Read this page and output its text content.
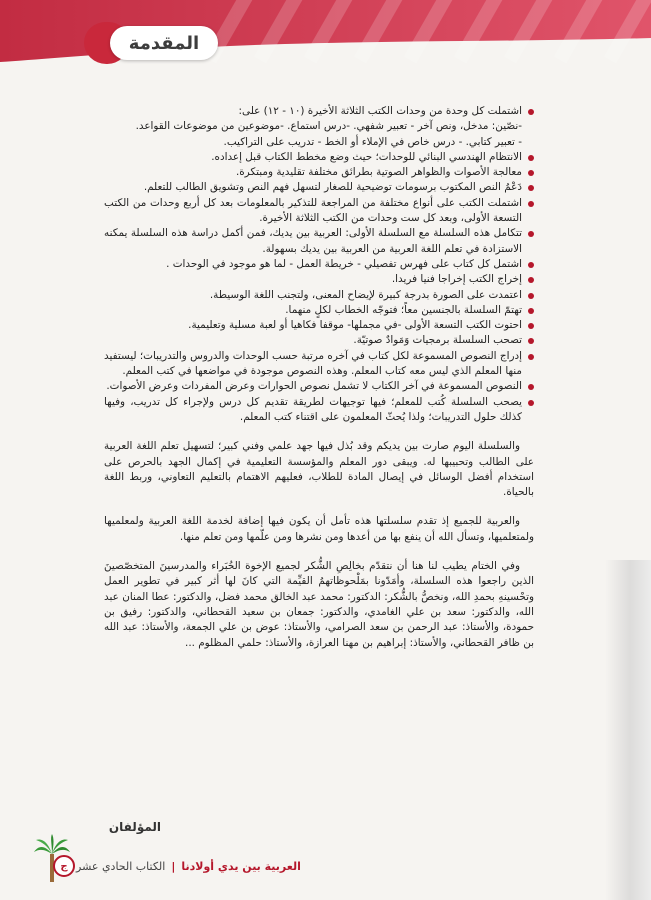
المقدمة
اشتملت كل وحدة من وحدات الكتب الثلاثة الأخيرة (١٠ - ١٢) على:
-نصّين: مدخل، ونص آخر - تعبير شفهي. -درس استماع. -موضوعين من موضوعات القواعد.
- تعبير كتابي. - درس خاص في الإملاء أو الخط - تدريب على التراكيب.
الانتظام الهندسي البنائي للوحدات؛ حيث وضع مخطط الكتاب قبل إعداده.
معالجة الأصوات والظواهر الصوتية بطرائق مختلفة تقليدية ومبتكرة.
دَعْمُ النص المكتوب برسومات توضيحية للصغار لتسهل فهم النص وتشويق الطالب للتعلم.
اشتملت الكتب على أنواع مختلفة من المراجعة للتذكير بالمعلومات بعد كل أربع وحدات من الكتب التسعة الأولى، وبعد كل ست وحدات من الكتب الثلاثة الأخيرة.
تتكامل هذه السلسلة مع السلسلة الأولى: العربية بين يديك، فمن أكمل دراسة هذه السلسلة يمكنه الاستزادة في تعلم اللغة العربية من العربية بين يديك بسهولة.
اشتمل كل كتاب على فهرس تفصيلي - خريطة العمل - لما هو موجود في الوحدات .
إخراج الكتب إخراجا فنيا فريدا.
اعتمدت على الصورة بدرجة كبيرة لإيضاح المعنى، ولتجنب اللغة الوسيطة.
تهتمّ السلسلة بالجنسين معاً؛ فتوجّه الخطاب لكلٍ منهما.
احتوت الكتب التسعة الأولى -في مجملها- موقفا فكاهيا أو لعبة مسلية وتعليمية.
تصحب السلسلة برمجيات وَمَوادٌ صوتيّة.
إدراج النصوص المسموعة لكل كتاب في آخره مرتبة حسب الوحدات والدروس والتدريبات؛ ليستفيد منها المعلم الذي ليس معه كتاب المعلم. وهذه النصوص موجودة في مواضعها في كتب المعلم.
النصوص المسموعة في آخر الكتاب لا تشمل نصوص الحوارات وعرض المفردات وعرض الأصوات.
يصحب السلسلة كُتب للمعلم؛ فيها توجيهات لطريقة تقديم كل درس ولإجراء كل تدريب، وفيها كذلك حلول التدريبات؛ ولذا يُحثّ المعلمون على اقتناء كتب المعلم.

والسلسلة اليوم صارت بين يديكم وقد بُذل فيها جهد علمي وفني كبير؛ لتسهيل تعلم اللغة العربية على الطالب وتحبيبها له. ويبقى دور المعلم والمؤسسة التعليمية في إكمال الجهد بالحرص على استخدام أفضل الوسائل في إيصال المادة للطلاب، فعليهم الاهتمام بالتعليم التعاوني، وربط اللغة بالحياة.

والعربية للجميع إذ تقدم سلسلتها هذه تأمل أن يكون فيها إضافة لخدمة اللغة العربية ولمعلميها ولمتعلميها، وتسأل الله أن ينفع بها من أعدها ومن نشرها ومن علّمها ومن تعلم منها.

وفي الختام يطيب لنا هنا أن نتقدّم بخالِصِ الشُّكر لجميع الإخوة الخُبَراء والمدرسينَ المتخصّصينَ الذين راجعوا هذه السلسلة، وأمَدّونا بمَلْحوظاتهمُ القيِّمة التي كانَ لها أثر كبير في تطوير العمل وتحْسينهِ بحمدِ الله، ونخصُّ بالشُّكر: الدكتور: محمد عبد الخالق محمد فضل، والدكتور: عطا المنان عبد الله، والدكتور: سعد بن علي الغامدي، والدكتور: جمعان بن سعيد القحطاني، والدكتور: رفيق بن حمودة، والأستاذ: عبد الرحمن بن سعد الصرامي، والأستاذ: عوض بن علي الجمعة، والأستاذ: عبد الله بن ظافر القحطاني، والأستاذ: إبراهيم بن مهنا العرازة، والأستاذ: حلمي المظلوم ...

المؤلفان
ج	العربية بين يدي أولادنا
|
الكتاب الحادي عشر
